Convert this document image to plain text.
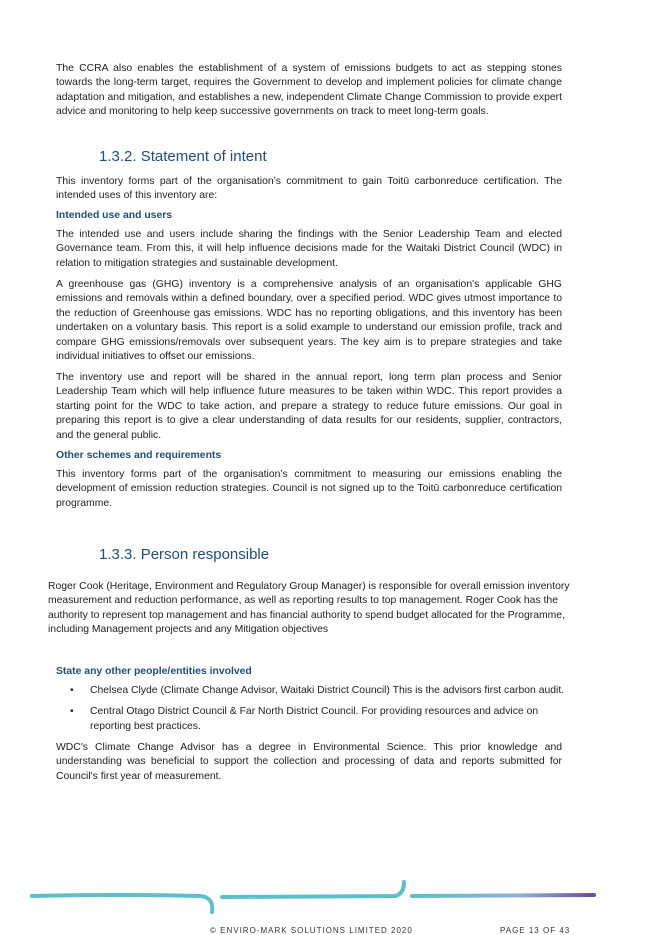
The CCRA also enables the establishment of a system of emissions budgets to act as stepping stones towards the long-term target, requires the Government to develop and implement policies for climate change adaptation and mitigation, and establishes a new, independent Climate Change Commission to provide expert advice and monitoring to help keep successive governments on track to meet long-term goals.

1.3.2. Statement of intent

This inventory forms part of the organisation’s commitment to gain Toitū carbonreduce certification. The intended uses of this inventory are:

Intended use and users

The intended use and users include sharing the findings with the Senior Leadership Team and elected Governance team. From this, it will help influence decisions made for the Waitaki District Council (WDC) in relation to mitigation strategies and sustainable development.

A greenhouse gas (GHG) inventory is a comprehensive analysis of an organisation's applicable GHG emissions and removals within a defined boundary, over a specified period. WDC gives utmost importance to the reduction of Greenhouse gas emissions. WDC has no reporting obligations, and this inventory has been undertaken on a voluntary basis. This report is a solid example to understand our emission profile, track and compare GHG emissions/removals over subsequent years. The key aim is to prepare strategies and take individual initiatives to offset our emissions.

The inventory use and report will be shared in the annual report, long term plan process and Senior Leadership Team which will help influence future measures to be taken within WDC. This report provides a starting point for the WDC to take action, and prepare a strategy to reduce future emissions. Our goal in preparing this report is to give a clear understanding of data results for our residents, supplier, contractors, and the general public.

Other schemes and requirements

This inventory forms part of the organisation’s commitment to measuring our emissions enabling the development of emission reduction strategies. Council is not signed up to the Toitū carbonreduce certification programme.

1.3.3. Person responsible

Roger Cook (Heritage, Environment and Regulatory Group Manager) is responsible for overall emission inventory measurement and reduction performance, as well as reporting results to top management. Roger Cook has the authority to represent top management and has financial authority to spend budget allocated for the Programme, including Management projects and any Mitigation objectives

State any other people/entities involved
• Chelsea Clyde (Climate Change Advisor, Waitaki District Council) This is the advisors first carbon audit.
• Central Otago District Council & Far North District Council. For providing resources and advice on reporting best practices.

WDC's Climate Change Advisor has a degree in Environmental Science. This prior knowledge and understanding was beneficial to support the collection and processing of data and reports submitted for Council's first year of measurement.

© ENVIRO-MARK SOLUTIONS LIMITED 2020	PAGE 13 OF 43
